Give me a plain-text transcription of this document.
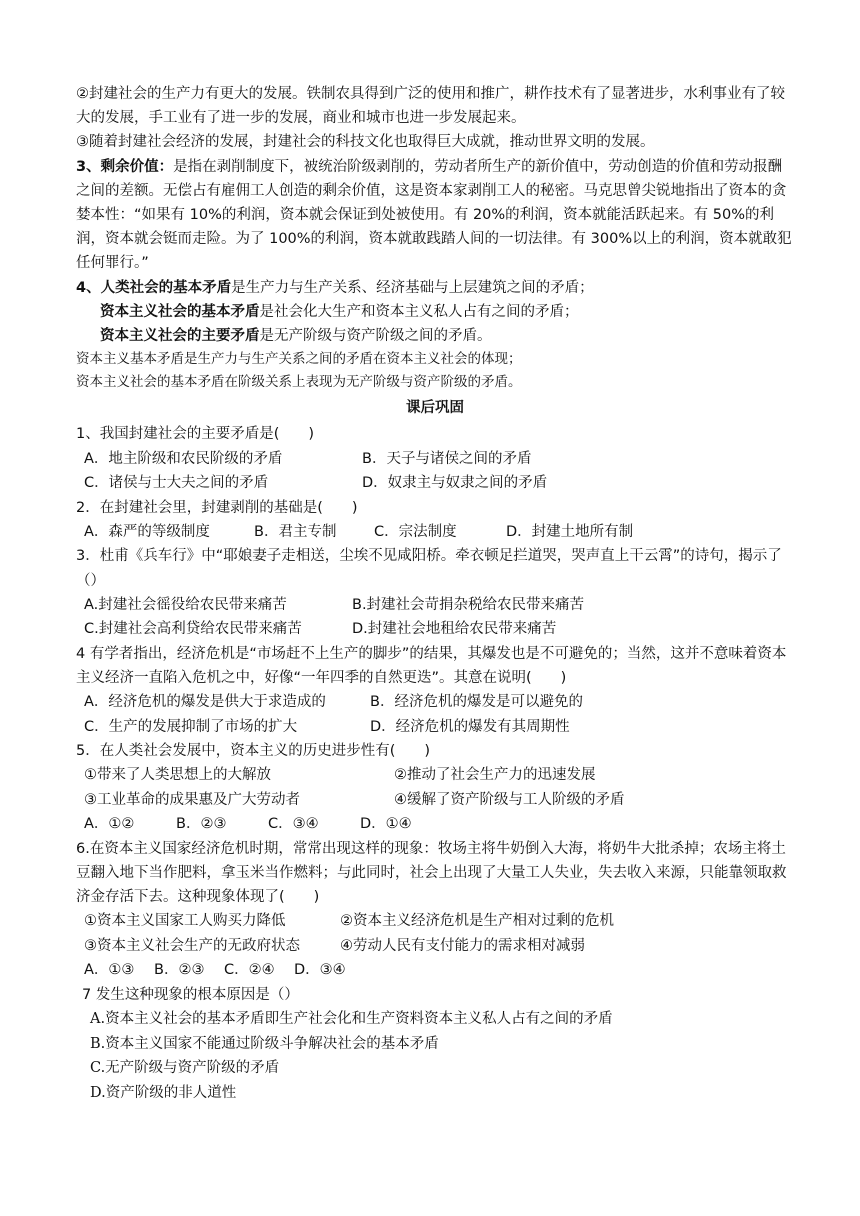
②封建社会的生产力有更大的发展。铁制农具得到广泛的使用和推广，耕作技术有了显著进步，水利事业有了较大的发展，手工业有了进一步的发展，商业和城市也进一步发展起来。

③随着封建社会经济的发展，封建社会的科技文化也取得巨大成就，推动世界文明的发展。

3、剩余价值：是指在剥削制度下，被统治阶级剥削的，劳动者所生产的新价值中，劳动创造的价值和劳动报酬之间的差额。无偿占有雇佣工人创造的剩余价值，这是资本家剥削工人的秘密。马克思曾尖锐地指出了资本的贪婪本性：“如果有 10%的利润，资本就会保证到处被使用。有 20%的利润，资本就能活跃起来。有 50%的利润，资本就会铤而走险。为了 100%的利润，资本就敢践踏人间的一切法律。有 300%以上的利润，资本就敢犯任何罪行。”

4、人类社会的基本矛盾是生产力与生产关系、经济基础与上层建筑之间的矛盾；

资本主义社会的基本矛盾是社会化大生产和资本主义私人占有之间的矛盾；

资本主义社会的主要矛盾是无产阶级与资产阶级之间的矛盾。

资本主义基本矛盾是生产力与生产关系之间的矛盾在资本主义社会的体现；

资本主义社会的基本矛盾在阶级关系上表现为无产阶级与资产阶级的矛盾。

课后巩固

1、我国封建社会的主要矛盾是(　　)

A．地主阶级和农民阶级的矛盾	B．天子与诸侯之间的矛盾
C．诸侯与士大夫之间的矛盾	D．奴隶主与奴隶之间的矛盾

2．在封建社会里，封建剥削的基础是(　　)

A．森严的等级制度	B．君主专制	C．宗法制度	D．封建土地所有制

3．杜甫《兵车行》中“耶娘妻子走相送，尘埃不见咸阳桥。牵衣顿足拦道哭，哭声直上干云霄”的诗句，揭示了（）

A.封建社会徭役给农民带来痛苦	B.封建社会苛捐杂税给农民带来痛苦
C.封建社会高利贷给农民带来痛苦	D.封建社会地租给农民带来痛苦

4 有学者指出，经济危机是“市场赶不上生产的脚步”的结果，其爆发也是不可避免的；当然，这并不意味着资本主义经济一直陷入危机之中，好像“一年四季的自然更迭”。其意在说明(　　)

A．经济危机的爆发是供大于求造成的	B．经济危机的爆发是可以避免的
C．生产的发展抑制了市场的扩大	D．经济危机的爆发有其周期性

5．在人类社会发展中，资本主义的历史进步性有(　　)

①带来了人类思想上的大解放	②推动了社会生产力的迅速发展
③工业革命的成果惠及广大劳动者	④缓解了资产阶级与工人阶级的矛盾
A．①②	B．②③	C．③④	D．①④

6.在资本主义国家经济危机时期，常常出现这样的现象：牧场主将牛奶倒入大海，将奶牛大批杀掉；农场主将土豆翻入地下当作肥料，拿玉米当作燃料；与此同时，社会上出现了大量工人失业，失去收入来源，只能靠领取救济金存活下去。这种现象体现了(　　)

①资本主义国家工人购买力降低	②资本主义经济危机是生产相对过剩的危机
③资本主义社会生产的无政府状态	④劳动人民有支付能力的需求相对减弱
A．①③	B．②③	C．②④	D．③④

7 发生这种现象的根本原因是（）

A.资本主义社会的基本矛盾即生产社会化和生产资料资本主义私人占有之间的矛盾
B.资本主义国家不能通过阶级斗争解决社会的基本矛盾
C.无产阶级与资产阶级的矛盾
D.资产阶级的非人道性
